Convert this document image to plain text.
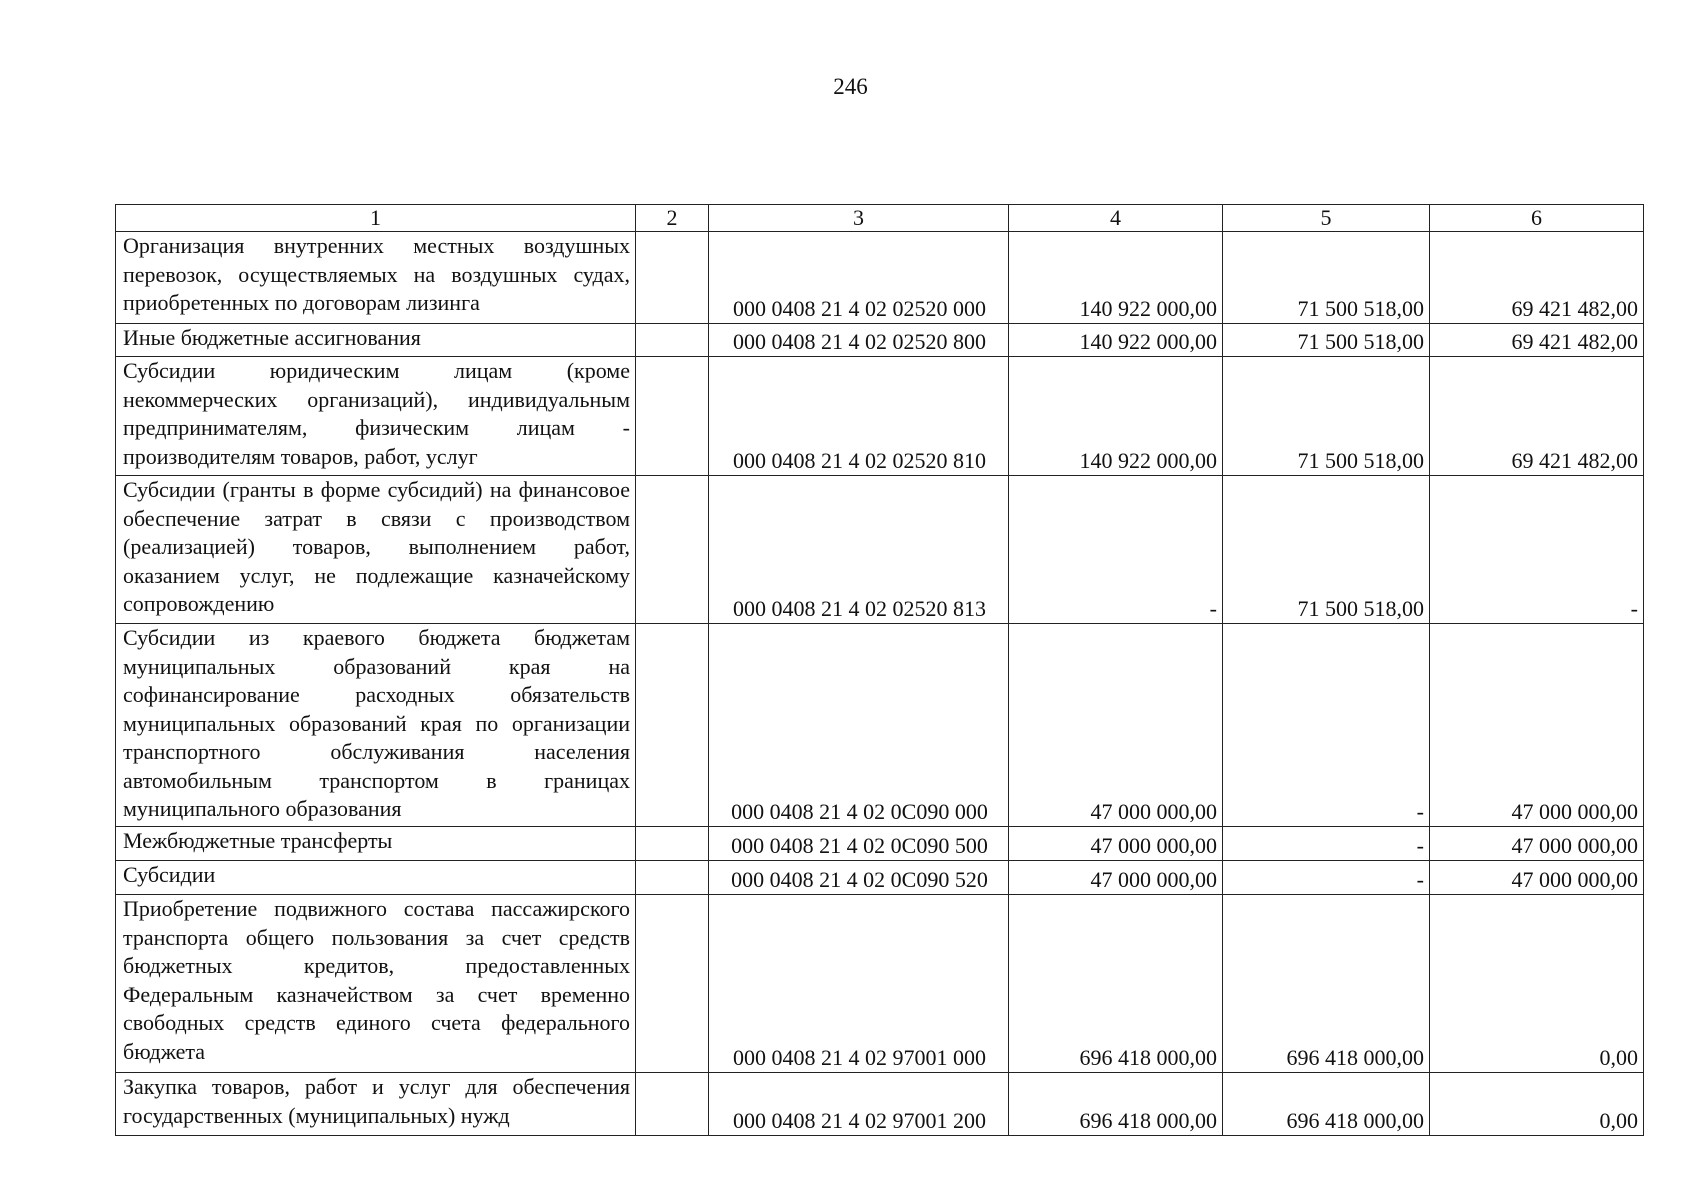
246
1	2	3	4	5	6
Организация внутренних местных воздушных перевозок, осуществляемых на воздушных судах, приобретенных по договорам лизинга		000 0408 21 4 02 02520 000	140 922 000,00	71 500 518,00	69 421 482,00
Иные бюджетные ассигнования		000 0408 21 4 02 02520 800	140 922 000,00	71 500 518,00	69 421 482,00
Субсидии юридическим лицам (кроме некоммерческих организаций), индивидуальным предпринимателям, физическим лицам - производителям товаров, работ, услуг		000 0408 21 4 02 02520 810	140 922 000,00	71 500 518,00	69 421 482,00
Субсидии (гранты в форме субсидий) на финансовое обеспечение затрат в связи с производством (реализацией) товаров, выполнением работ, оказанием услуг, не подлежащие казначейскому сопровождению		000 0408 21 4 02 02520 813	-	71 500 518,00	-
Субсидии из краевого бюджета бюджетам муниципальных образований края на софинансирование расходных обязательств муниципальных образований края по организации транспортного обслуживания населения автомобильным транспортом в границах муниципального образования		000 0408 21 4 02 0С090 000	47 000 000,00	-	47 000 000,00
Межбюджетные трансферты		000 0408 21 4 02 0С090 500	47 000 000,00	-	47 000 000,00
Субсидии		000 0408 21 4 02 0С090 520	47 000 000,00	-	47 000 000,00
Приобретение подвижного состава пассажирского транспорта общего пользования за счет средств бюджетных кредитов, предоставленных Федеральным казначейством за счет временно свободных средств единого счета федерального бюджета		000 0408 21 4 02 97001 000	696 418 000,00	696 418 000,00	0,00
Закупка товаров, работ и услуг для обеспечения государственных (муниципальных) нужд		000 0408 21 4 02 97001 200	696 418 000,00	696 418 000,00	0,00
